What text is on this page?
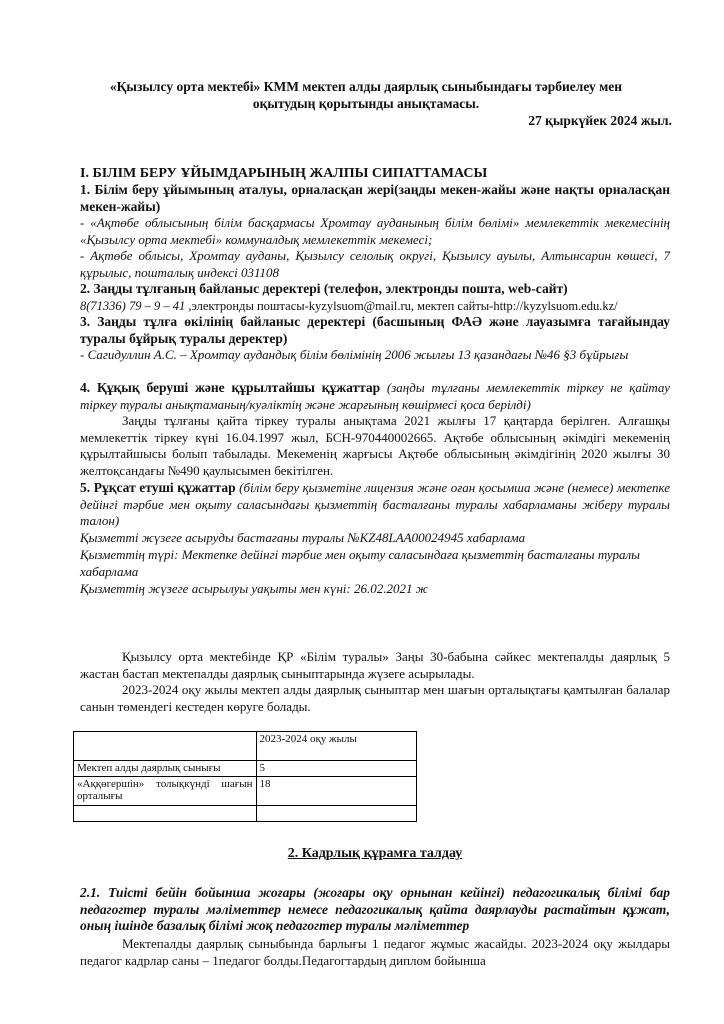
«Қызылсу орта мектебі» КММ мектеп алды даярлық сыныбындағы тәрбиелеу мен
оқытудың қорытынды анықтамасы.
27 қыркүйек 2024 жыл.
I. БІЛІМ БЕРУ ҰЙЫМДАРЫНЫҢ ЖАЛПЫ СИПАТТАМАСЫ
1. Білім беру ұйымының аталуы, орналасқан жері(заңды мекен-жайы және нақты орналасқан мекен-жайы)
- «Ақтөбе облысының білім басқармасы Хромтау ауданының білім бөлімі» мемлекеттік мекемесінің «Қызылсу орта мектебі» коммуналдық мемлекеттік мекемесі;
- Ақтөбе облысы, Хромтау ауданы, Қызылсу селолық округі, Қызылсу ауылы, Алтынсарин көшесі, 7 құрылыс, пошталық индексі 031108
2. Заңды тұлғаның байланыс деректері (телефон, электронды пошта, web-сайт)
8(71336) 79 – 9 – 41 ,электронды поштасы-kyzylsuom@mail.ru, мектеп сайты-http://kyzylsuom.edu.kz/
3. Заңды тұлға өкілінің байланыс деректері (басшының ФАӘ және лауазымға тағайындау туралы бұйрық туралы деректер)
- Сагидуллин А.С. – Хромтау аудандық білім бөлімінің 2006 жылғы 13 қазандағы №46 §3 бұйрығы
4. Құқық беруші және құрылтайшы құжаттар (заңды тұлғаны мемлекеттік тіркеу не қайтау тіркеу туралы анықтаманың/куәліктің және жарғының көшірмесі қоса берілді)
Заңды тұлғаны қайта тіркеу туралы анықтама 2021 жылғы 17 қаңтарда берілген. Алғашқы мемлекеттік тіркеу күні 16.04.1997 жыл, БСН-970440002665. Ақтөбе облысының әкімдігі мекеменің құрылтайшысы болып табылады. Мекеменің жарғысы Ақтөбе облысының әкімдігінің 2020 жылғы 30 желтоқсандағы №490 қаулысымен бекітілген.
5. Рұқсат етуші құжаттар (білім беру қызметіне лицензия және оған қосымша және (немесе) мектепке дейінгі тәрбие мен оқыту саласындағы қызметтің басталғаны туралы хабарламаны жіберу туралы талон)
Қызметті жүзеге асыруды бастағаны туралы №KZ48LAA00024945 хабарлама
Қызметтің түрі: Мектепке дейінгі тәрбие мен оқыту саласындаға қызметтің басталғаны туралы хабарлама
Қызметтің жүзеге асырылуы уақыты мен күні: 26.02.2021 ж
Қызылсу орта мектебінде ҚР «Білім туралы» Заңы 30-бабына сәйкес мектепалды даярлық 5 жастан бастап мектепалды даярлық сыныптарында жүзеге асырылады.
2023-2024 оқу жылы мектеп алды даярлық сыныптар мен шағын орталықтағы қамтылған балалар санын төмендегі кестеден көруге болады.
	2023-2024 оқу жылы
Мектеп алды даярлық сынығы	5
«Аққөгершін» толықкүнді шағын орталығы	18

2. Кадрлық құрамға талдау
2.1. Тиісті бейін бойынша жоғары (жоғары оқу орнынан кейінгі) педагогикалық білімі бар педагогтер туралы мәліметтер немесе педагогикалық қайта даярлауды растайтын құжат, оның ішінде базалық білімі жоқ педагогтер туралы мәліметтер
Мектепалды даярлық сыныбында барлығы 1 педагог жұмыс жасайды. 2023-2024 оқу жылдары педагог кадрлар саны – 1педагог болды.Педагогтардың диплом бойынша
